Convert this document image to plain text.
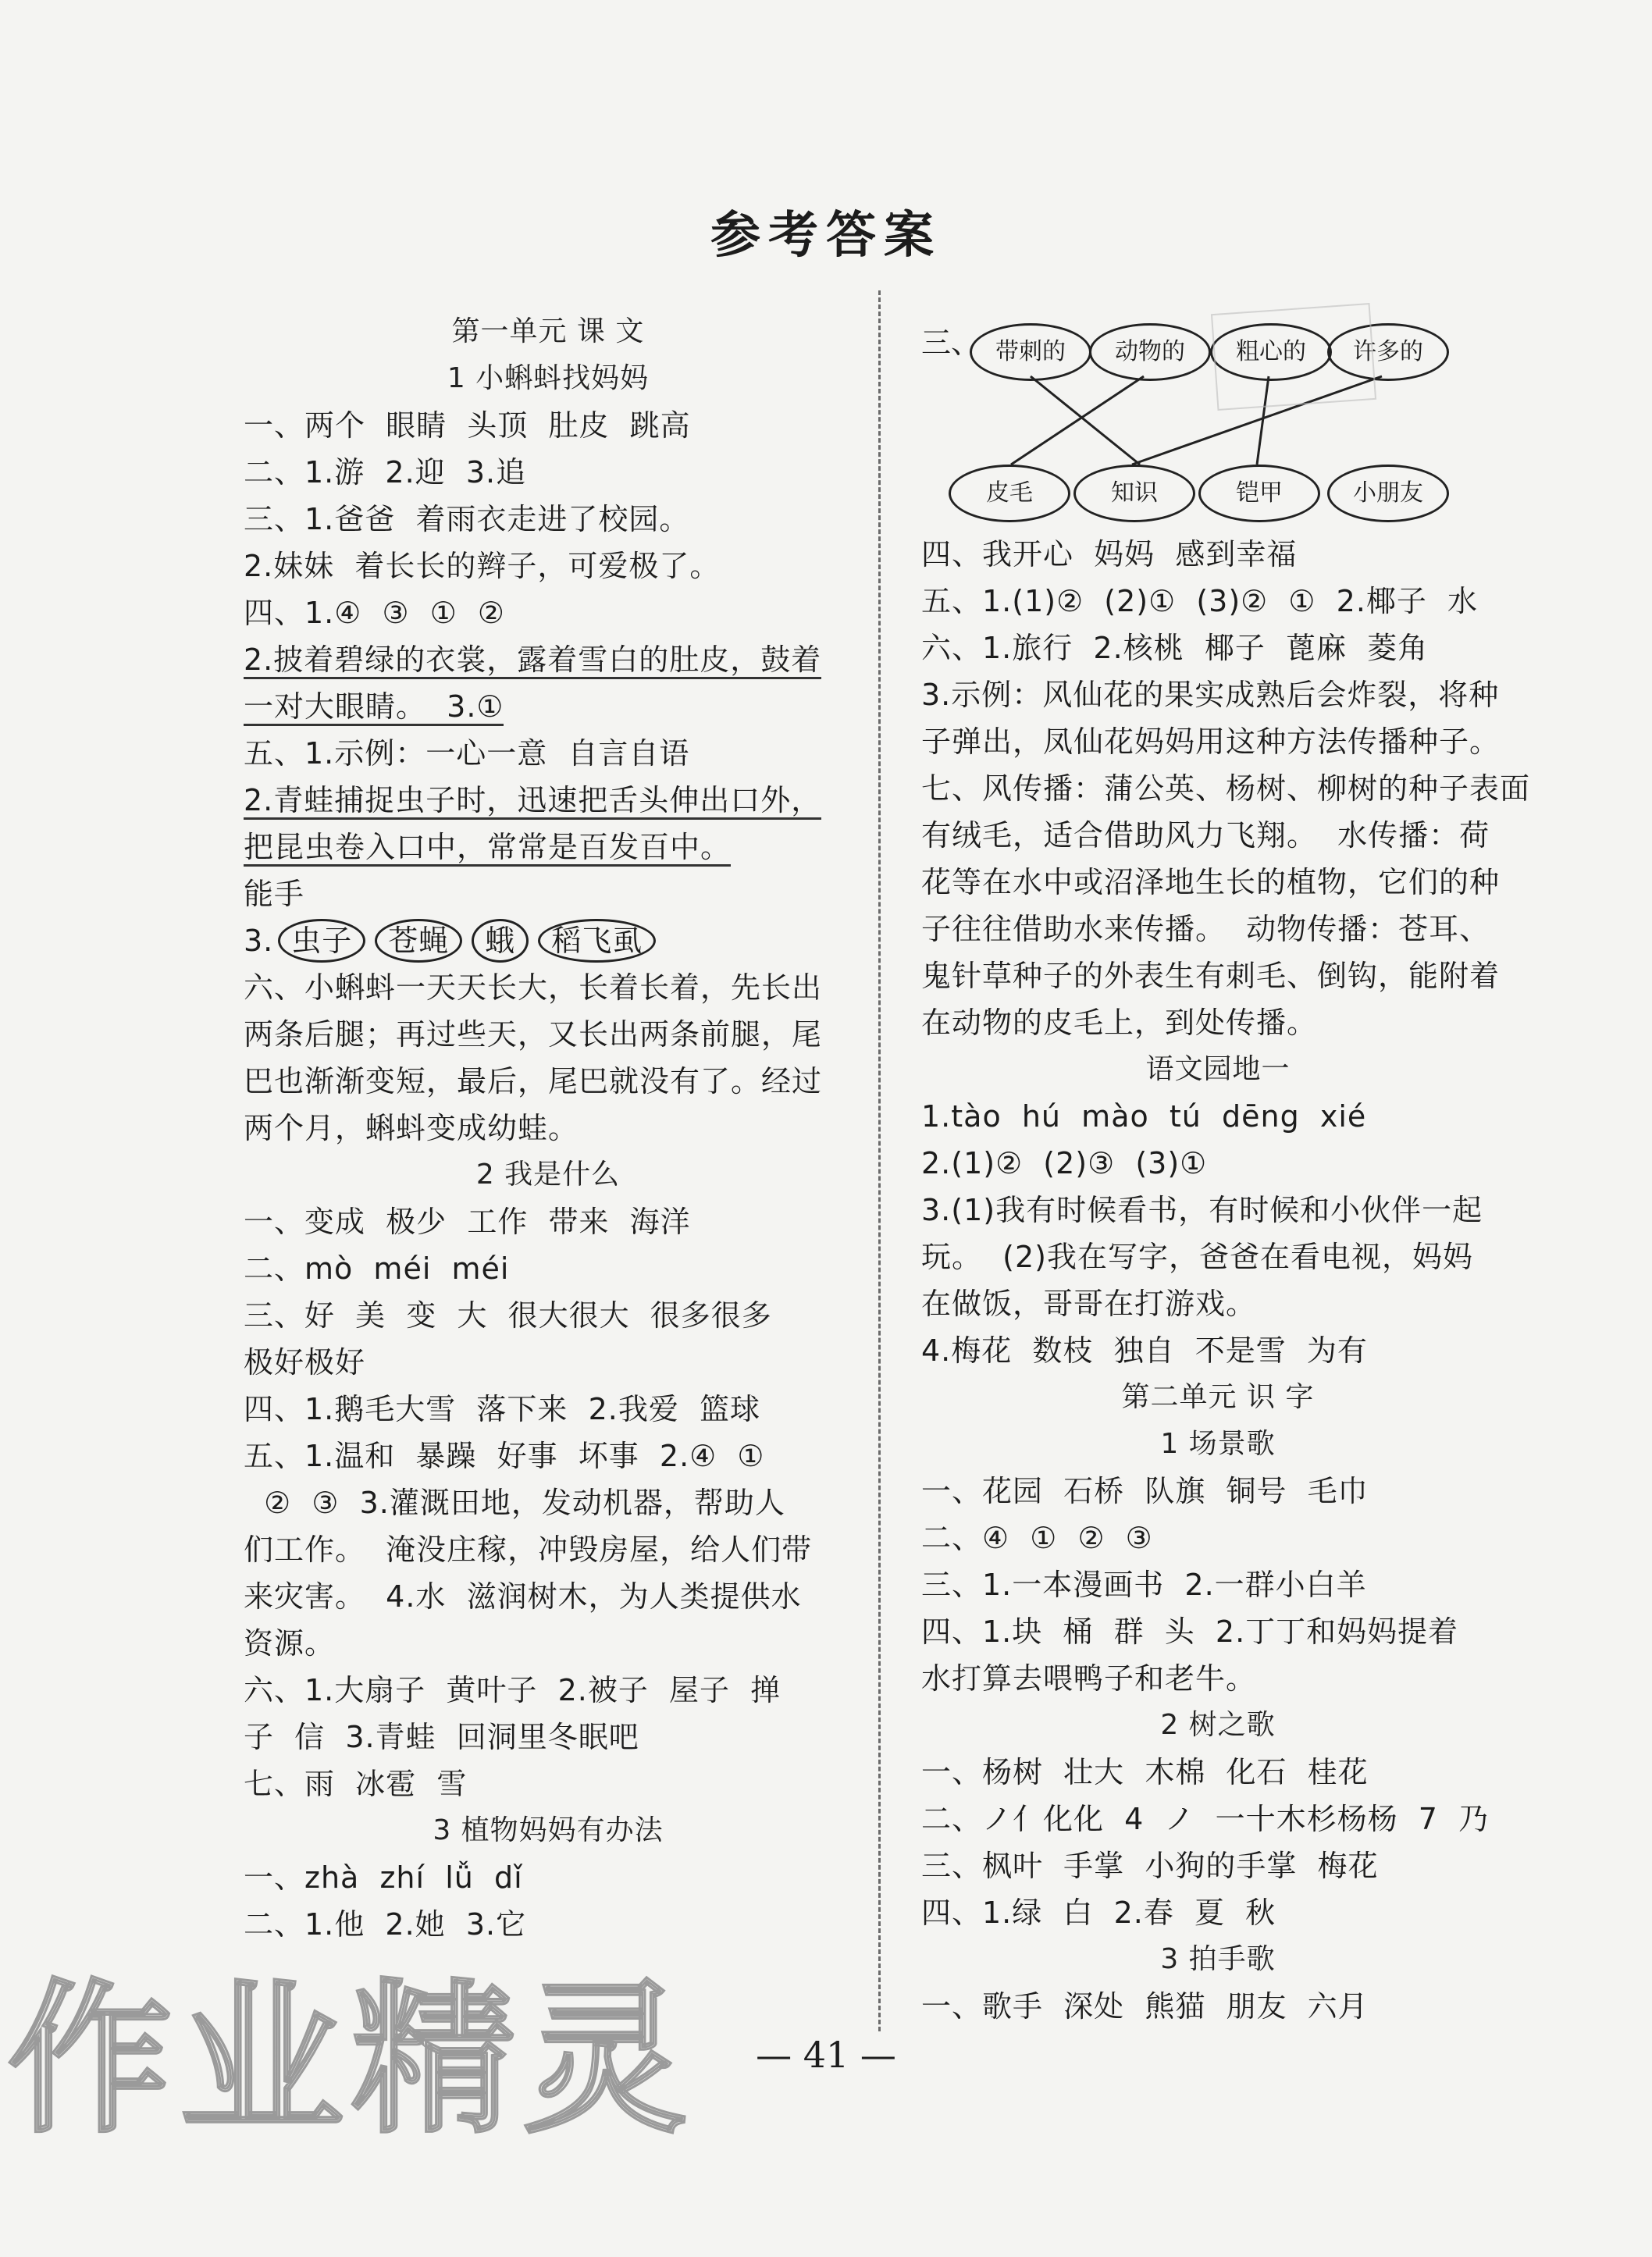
参考答案
第一单元 课 文
1 小蝌蚪找妈妈
一、两个  眼睛  头顶  肚皮  跳高
二、1.游  2.迎  3.追
三、1.爸爸  着雨衣走进了校园。
2.妹妹  着长长的辫子，可爱极了。
四、1.④  ③  ①  ②
2.披着碧绿的衣裳，露着雪白的肚皮，鼓着
一对大眼睛。  3.①
五、1.示例：一心一意  自言自语
2.青蛙捕捉虫子时，迅速把舌头伸出口外，
把昆虫卷入口中，常常是百发百中。
能手
3. 虫子 苍蝇 蛾 稻飞虱
六、小蝌蚪一天天长大，长着长着，先长出
两条后腿；再过些天，又长出两条前腿，尾
巴也渐渐变短，最后，尾巴就没有了。经过
两个月，蝌蚪变成幼蛙。
2 我是什么
一、变成  极少  工作  带来  海洋
二、mò  méi  méi
三、好  美  变  大  很大很大  很多很多
极好极好
四、1.鹅毛大雪  落下来  2.我爱  篮球
五、1.温和  暴躁  好事  坏事  2.④  ①
②  ③  3.灌溉田地，发动机器，帮助人
们工作。  淹没庄稼，冲毁房屋，给人们带
来灾害。  4.水  滋润树木，为人类提供水
资源。
六、1.大扇子  黄叶子  2.被子  屋子  掸
子  信  3.青蛙  回洞里冬眠吧
七、雨  冰雹  雪
3 植物妈妈有办法
一、zhà  zhí  lǚ  dǐ
二、1.他  2.她  3.它
三、 带刺的	动物的	粗心的	许多的
皮毛	知识	铠甲	小朋友
四、我开心  妈妈  感到幸福
五、1.(1)②  (2)①  (3)②  ①  2.椰子  水
六、1.旅行  2.核桃  椰子  蓖麻  菱角
3.示例：风仙花的果实成熟后会炸裂，将种
子弹出，凤仙花妈妈用这种方法传播种子。
七、风传播：蒲公英、杨树、柳树的种子表面
有绒毛，适合借助风力飞翔。  水传播：荷
花等在水中或沼泽地生长的植物，它们的种
子往往借助水来传播。  动物传播：苍耳、
鬼针草种子的外表生有刺毛、倒钩，能附着
在动物的皮毛上，到处传播。
语文园地一
1.tào  hú  mào  tú  dēng  xié
2.(1)②  (2)③  (3)①
3.(1)我有时候看书，有时候和小伙伴一起
玩。  (2)我在写字，爸爸在看电视，妈妈
在做饭，哥哥在打游戏。
4.梅花  数枝  独自  不是雪  为有
第二单元 识 字
1 场景歌
一、花园  石桥  队旗  铜号  毛巾
二、④  ①  ②  ③
三、1.一本漫画书  2.一群小白羊
四、1.块  桶  群  头  2.丁丁和妈妈提着
水打算去喂鸭子和老牛。
2 树之歌
一、杨树  壮大  木棉  化石  桂花
二、ノ亻化化  4  ノ  一十木杉杨杨  7  乃
三、枫叶  手掌  小狗的手掌  梅花
四、1.绿  白  2.春  夏  秋
3 拍手歌
一、歌手  深处  熊猫  朋友  六月
作业精灵	— 41 —
